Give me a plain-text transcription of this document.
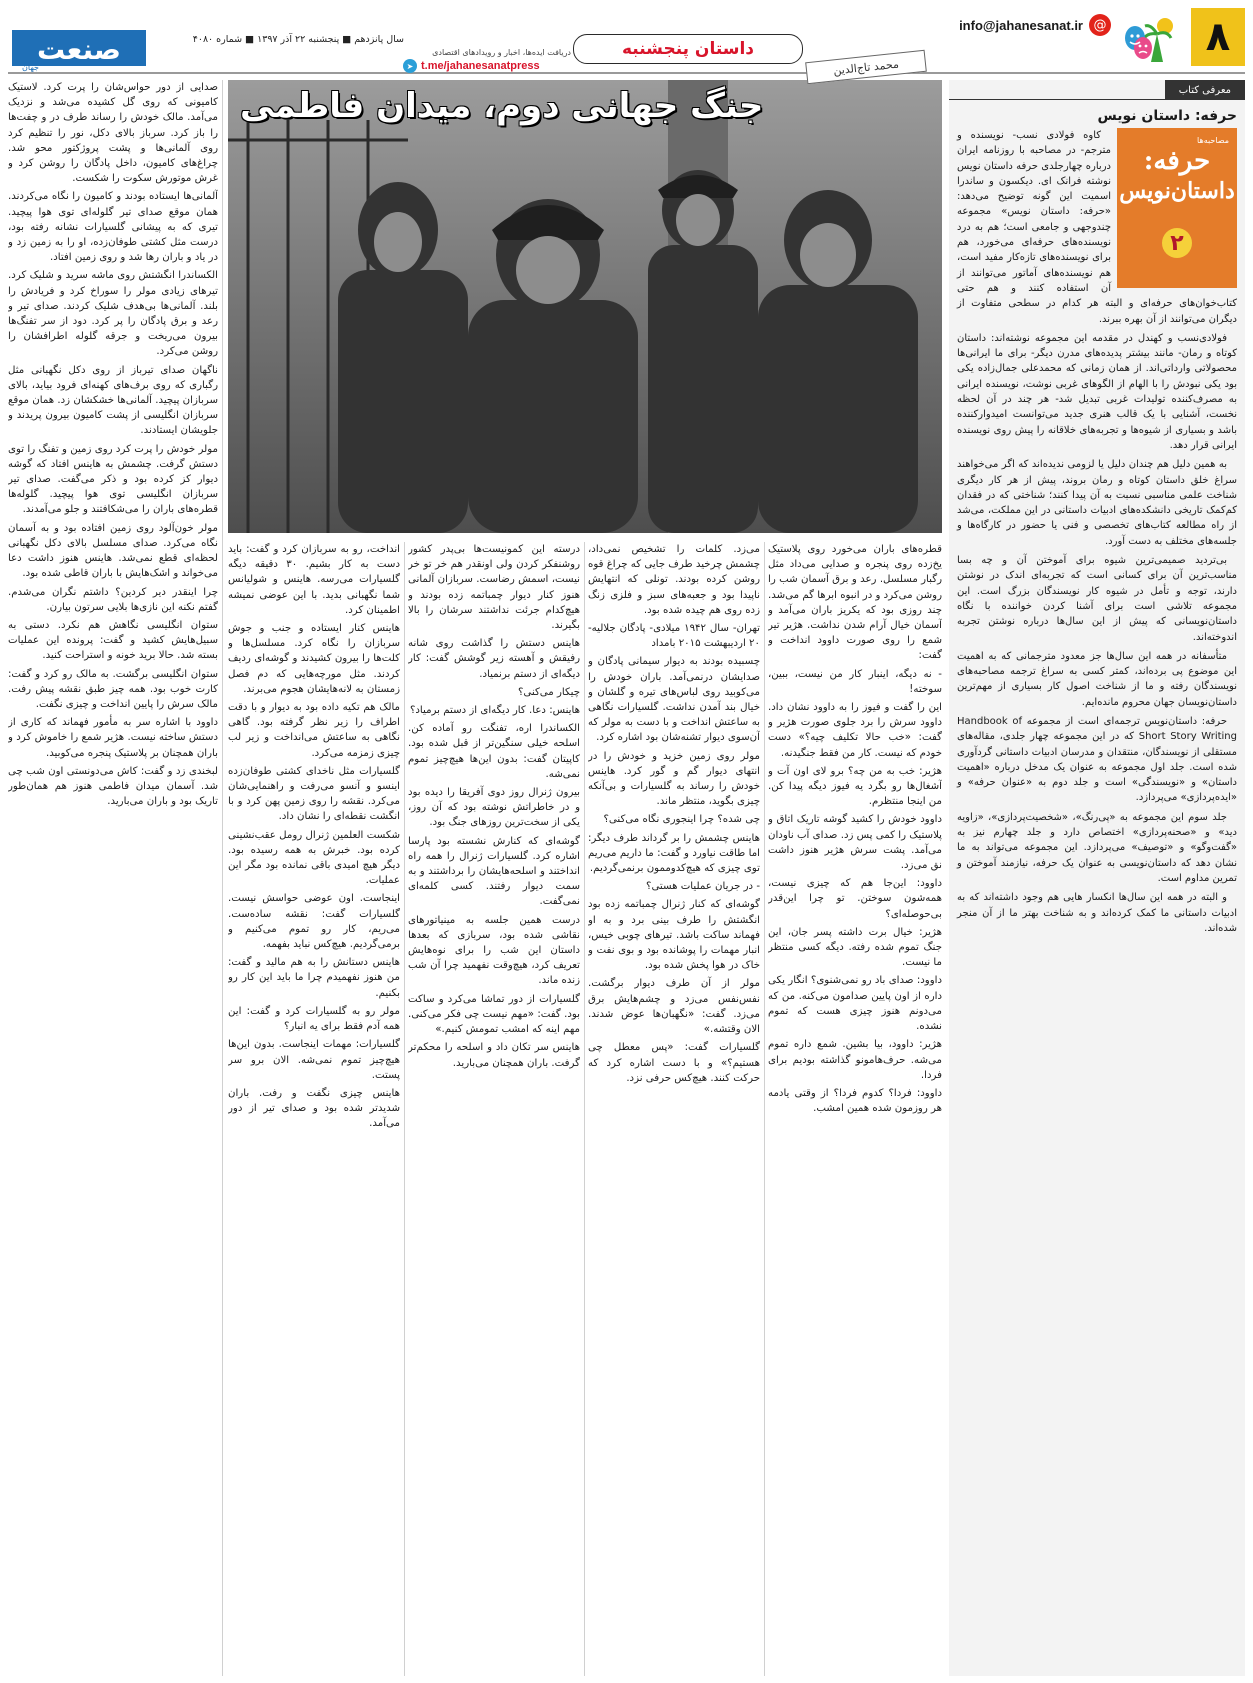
۸
info@jahanesanat.ir @
داستان پنجشنبه
دریافت ایده‌ها، اخبار و رویدادهای اقتصادی
➤ t.me/jahanesanatpress
سال پانزدهم ■ پنجشنبه ۲۲ آذر ۱۳۹۷ ■ شماره ۴۰۸۰
صنعت
جهان
معرفی کتاب
حرفه: داستان نویس
مصاحبه‌ها
حرفه:
داستان‌نویس
۲

کاوه فولادی نسب- نویسنده و مترجم- در مصاحبه با روزنامه ایران درباره چهارجلدی حرفه داستان نویس نوشته فرانک ای. دیکسون و ساندرا اسمیت این گونه توضیح می‌دهد: «حرفه: داستان نویس» مجموعه چندوجهی و جامعی است؛ هم به درد نویسنده‌های حرفه‌ای می‌خورد، هم برای نویسنده‌های تازه‌کار مفید است، هم نویسنده‌های آماتور می‌توانند از آن استفاده کنند و هم حتی کتاب‌خوان‌های حرفه‌ای و البته هر کدام در سطحی متفاوت از دیگران می‌توانند از آن بهره ببرند.

فولادی‌نسب و کهندل در مقدمه این مجموعه نوشته‌اند: داستان کوتاه و رمان- مانند بیشتر پدیده‌های مدرن دیگر- برای ما ایرانی‌ها محصولاتی وارداتی‌اند. از همان زمانی که محمدعلی جمال‌زاده یکی بود یکی نبودش را با الهام از الگوهای غربی نوشت، نویسنده ایرانی به مصرف‌کننده تولیدات غربی تبدیل شد- هر چند در آن لحظه نخست، آشنایی با یک قالب هنری جدید می‌توانست امیدوارکننده باشد و بسیاری از شیوه‌ها و تجربه‌های خلاقانه را پیش روی نویسنده ایرانی قرار دهد.

به همین دلیل هم چندان دلیل یا لزومی ندیده‌اند که اگر می‌خواهند سراغ خلق داستان کوتاه و رمان بروند، پیش از هر کار دیگری شناخت علمی مناسبی نسبت به آن پیدا کنند؛ شناختی که در فقدان کم‌کمک تاریخی دانشکده‌های ادبیات داستانی در این مملکت، می‌شد از راه مطالعه کتاب‌های تخصصی و فنی یا حضور در کارگاه‌ها و جلسه‌های مختلف به دست آورد.

بی‌تردید صمیمی‌ترین شیوه برای آموختن آن و چه بسا مناسب‌ترین آن برای کسانی است که تجربه‌ای اندک در نوشتن دارند، توجه و تأمل در شیوه کار نویسندگان بزرگ است. این مجموعه تلاشی است برای آشنا کردن خواننده با نگاه داستان‌نویسانی که پیش از این سال‌ها درباره نوشتن تجربه اندوخته‌اند.

متأسفانه در همه این سال‌ها جز معدود مترجمانی که به اهمیت این موضوع پی برده‌اند، کمتر کسی به سراغ ترجمه مصاحبه‌های نویسندگان رفته و ما از شناخت اصول کار بسیاری از مهم‌ترین داستان‌نویسان جهان محروم مانده‌ایم.

حرفه: داستان‌نویس ترجمه‌ای است از مجموعه Handbook of Short Story Writing که در این مجموعه چهار جلدی، مقاله‌های مستقلی از نویسندگان، منتقدان و مدرسان ادبیات داستانی گردآوری شده است. جلد اول مجموعه به عنوان یک مدخل درباره «اهمیت داستان» و «نویسندگی» است و جلد دوم به «عنوان حرفه» و «ایده‌پردازی» می‌پردازد.

جلد سوم این مجموعه به «پی‌رنگ»، «شخصیت‌پردازی»، «زاویه دید» و «صحنه‌پردازی» اختصاص دارد و جلد چهارم نیز به «گفت‌وگو» و «توصیف» می‌پردازد. این مجموعه می‌تواند به ما نشان دهد که داستان‌نویسی به عنوان یک حرفه، نیازمند آموختن و تمرین مداوم است.

و البته در همه این سال‌ها انکسار هایی هم وجود داشته‌اند که به ادبیات داستانی ما کمک کرده‌اند و به شناخت بهتر ما از آن منجر شده‌اند.

جنگ جهانی دوم، میدان فاطمی
محمد تاج‌الدین

قطره‌های باران می‌خورد روی پلاستیک یخ‌زده روی پنجره و صدایی می‌داد مثل رگبار مسلسل. رعد و برق آسمان شب را روشن می‌کرد و در انبوه ابرها گم می‌شد. چند روزی بود که یکریز باران می‌آمد و آسمان خیال آرام شدن نداشت. هژیر تیر شمع را روی صورت داوود انداخت و گفت:

- نه دیگه، اینبار کار من نیست، ببین، سوخته!

این را گفت و فیوز را به داوود نشان داد. داوود سرش را برد جلوی صورت هژیر و گفت: «خب حالا تکلیف چیه؟» دست خودم که نیست. کار من فقط جنگیدنه.

هژیر: خب به من چه؟ برو لای اون آت و آشغال‌ها رو بگرد یه فیوز دیگه پیدا کن. من اینجا منتظرم.

داوود خودش را کشید گوشه تاریک اتاق و پلاستیک را کمی پس زد. صدای آب ناودان می‌آمد. پشت سرش هژیر هنوز داشت نق می‌زد.

داوود: این‌جا هم که چیزی نیست، همه‌شون سوختن. تو چرا این‌قدر بی‌حوصله‌ای؟

هژیر: خیال برت داشته پسر جان، این جنگ تموم شده رفته. دیگه کسی منتظر ما نیست.

داوود: صدای باد رو نمی‌شنوی؟ انگار یکی داره از اون پایین صدامون می‌کنه. من که می‌دونم هنوز چیزی هست که تموم نشده.

هژیر: داوود، بیا بشین. شمع داره تموم می‌شه. حرف‌هامونو گذاشته بودیم برای فردا.

داوود: فردا؟ کدوم فردا؟ از وقتی یادمه هر روزمون شده همین امشب.

می‌زد. کلمات را تشخیص نمی‌داد، چشمش چرخید طرف جایی که چراغ قوه روشن کرده بودند. تونلی که انتهایش ناپیدا بود و جعبه‌های سبز و فلزی زنگ زده روی هم چیده شده بود.

تهران- سال ۱۹۴۲ میلادی- پادگان جلالیه- ۲۰ اردیبهشت ۲۰۱۵ بامداد

چسبیده بودند به دیوار سیمانی پادگان و صدایشان درنمی‌آمد. باران خودش را می‌کوبید روی لباس‌های تیره و گلشان و خیال بند آمدن نداشت. گلسیارات نگاهی به ساعتش انداخت و با دست به مولر که آن‌سوی دیوار تشنه‌شان بود اشاره کرد.

مولر روی زمین خزید و خودش را در انتهای دیوار گم و گور کرد. هاینس خودش را رساند به گلسیارات و بی‌آنکه چیزی بگوید، منتظر ماند.

چی شده؟ چرا اینجوری نگاه می‌کنی؟

هاینس چشمش را بر گرداند طرف دیگر: اما طاقت نیاورد و گفت: ما داریم می‌ریم توی چیزی که هیچ‌کدوممون برنمی‌گردیم.

- در جریان عملیات هستی؟

گوشه‌ای که کنار ژنرال چمباتمه زده بود انگشتش را طرف بینی برد و به او فهماند ساکت باشد. تیرهای چوبی خیس، انبار مهمات را پوشانده بود و بوی نفت و خاک در هوا پخش شده بود.

مولر از آن طرف دیوار برگشت. نفس‌نفس می‌زد و چشم‌هایش برق می‌زد. گفت: «نگهبان‌ها عوض شدند. الان وقتشه.»

گلسیارات گفت: «پس معطل چی هستیم؟» و با دست اشاره کرد که حرکت کنند. هیچ‌کس حرفی نزد.

درسته این کمونیست‌ها بی‌پدر کشور روشنفکر کردن ولی اونقدر هم خر تو خر نیست، اسمش رضاست. سربازان آلمانی هنوز کنار دیوار چمباتمه زده بودند و هیچ‌کدام جرئت نداشتند سرشان را بالا بگیرند.

هاینس دستش را گذاشت روی شانه رفیقش و آهسته زیر گوشش گفت: کار دیگه‌ای از دستم برنمیاد.

چیکار می‌کنی؟

هاینس: دعا. کار دیگه‌ای از دستم برمیاد؟

الکساندرا اره، تفنگت رو آماده کن. اسلحه خیلی سنگین‌تر از قبل شده بود. کاپیتان گفت: بدون این‌ها هیچ‌چیز تموم نمی‌شه.

بیرون ژنرال روز دوی آفریقا را دیده بود و در خاطراتش نوشته بود که آن روز، یکی از سخت‌ترین روزهای جنگ بود.

گوشه‌ای که کنارش نشسته بود پارسا اشاره کرد. گلسیارات ژنرال را همه راه انداختند و اسلحه‌هایشان را برداشتند و به سمت دیوار رفتند. کسی کلمه‌ای نمی‌گفت.

درست همین جلسه به مینیاتورهای نقاشی شده بود، سربازی که بعدها داستان این شب را برای نوه‌هایش تعریف کرد، هیچ‌وقت نفهمید چرا آن شب زنده ماند.

گلسیارات از دور تماشا می‌کرد و ساکت بود. گفت: «مهم نیست چی فکر می‌کنی. مهم اینه که امشب تمومش کنیم.»

هاینس سر تکان داد و اسلحه را محکم‌تر گرفت. باران همچنان می‌بارید.

انداخت، رو به سربازان کرد و گفت: باید دست به کار بشیم. ۳۰ دقیقه دیگه گلسیارات می‌رسه. هاینس و شولیانس شما نگهبانی بدید. با این عوضی نمیشه اطمینان کرد.

هاینس کنار ایستاده و جنب و جوش سربازان را نگاه کرد. مسلسل‌ها و کلت‌ها را بیرون کشیدند و گوشه‌ای ردیف کردند. مثل مورچه‌هایی که دم فصل زمستان به لانه‌هایشان هجوم می‌برند.

مالک هم تکیه داده بود به دیوار و با دقت اطراف را زیر نظر گرفته بود. گاهی نگاهی به ساعتش می‌انداخت و زیر لب چیزی زمزمه می‌کرد.

گلسیارات مثل ناخدای کشتی طوفان‌زده اینسو و آنسو می‌رفت و راهنمایی‌شان می‌کرد. نقشه را روی زمین پهن کرد و با انگشت نقطه‌ای را نشان داد.

شکست العلمین ژنرال رومل عقب‌نشینی کرده بود. خبرش به همه رسیده بود. دیگر هیچ امیدی باقی نمانده بود مگر این عملیات.

اینجاست. اون عوضی حواسش نیست. گلسیارات گفت: نقشه ساده‌ست. می‌ریم، کار رو تموم می‌کنیم و برمی‌گردیم. هیچ‌کس نباید بفهمه.

هاینس دستانش را به هم مالید و گفت: من هنوز نفهمیدم چرا ما باید این کار رو بکنیم.

مولر رو به گلسیارات کرد و گفت: این همه آدم فقط برای یه انبار؟

گلسیارات: مهمات اینجاست. بدون این‌ها هیچ‌چیز تموم نمی‌شه. الان برو سر پستت.

هاینس چیزی نگفت و رفت. باران شدیدتر شده بود و صدای تیر از دور می‌آمد.

صدایی از دور حواس‌شان را پرت کرد. لاستیک کامیونی که روی گل کشیده می‌شد و نزدیک می‌آمد. مالک خودش را رساند طرف در و چفت‌ها را باز کرد. سرباز بالای دکل، نور را تنظیم کرد روی آلمانی‌ها و پشت پروژکتور محو شد. چراغ‌های کامیون، داخل پادگان را روشن کرد و غرش موتورش سکوت را شکست.

آلمانی‌ها ایستاده بودند و کامیون را نگاه می‌کردند. همان موقع صدای تیر گلوله‌ای توی هوا پیچید. تیری که به پیشانی گلسیارات نشانه رفته بود، درست مثل کشتی طوفان‌زده، او را به زمین زد و در یاد و باران رها شد و روی زمین افتاد.

الکساندرا انگشتش روی ماشه سرید و شلیک کرد. تیرهای زیادی مولر را سوراخ کرد و فریادش را بلند. آلمانی‌ها بی‌هدف شلیک کردند. صدای تیر و رعد و برق پادگان را پر کرد. دود از سر تفنگ‌ها بیرون می‌ریخت و جرقه گلوله اطرافشان را روشن می‌کرد.

ناگهان صدای تیرباز از روی دکل نگهبانی مثل رگباری که روی برف‌های کهنه‌ای فرود بیاید، بالای سربازان پیچید. آلمانی‌ها خشکشان زد. همان موقع سربازان انگلیسی از پشت کامیون بیرون پریدند و جلویشان ایستادند.

مولر خودش را پرت کرد روی زمین و تفنگ را توی دستش گرفت. چشمش به هاینس افتاد که گوشه دیوار کز کرده بود و ذکر می‌گفت. صدای تیر سربازان انگلیسی توی هوا پیچید. گلوله‌ها قطره‌های باران را می‌شکافتند و جلو می‌آمدند.

مولر خون‌آلود روی زمین افتاده بود و به آسمان نگاه می‌کرد. صدای مسلسل بالای دکل نگهبانی لحظه‌ای قطع نمی‌شد. هاینس هنوز داشت دعا می‌خواند و اشک‌هایش با باران قاطی شده بود.

چرا اینقدر دیر کردین؟ داشتم نگران می‌شدم. گفتم نکنه این نازی‌ها بلایی سرتون بیارن.

ستوان انگلیسی نگاهش هم نکرد. دستی به سبیل‌هایش کشید و گفت: پرونده این عملیات بسته شد. حالا برید خونه و استراحت کنید.

ستوان انگلیسی برگشت. به مالک رو کرد و گفت: کارت خوب بود. همه چیز طبق نقشه پیش رفت. مالک سرش را پایین انداخت و چیزی نگفت.

داوود با اشاره سر به مأمور فهماند که کاری از دستش ساخته نیست. هژیر شمع را خاموش کرد و باران همچنان بر پلاستیک پنجره می‌کوبید.

لبخندی زد و گفت: کاش می‌دونستی اون شب چی شد. آسمان میدان فاطمی هنوز هم همان‌طور تاریک بود و باران می‌بارید.
